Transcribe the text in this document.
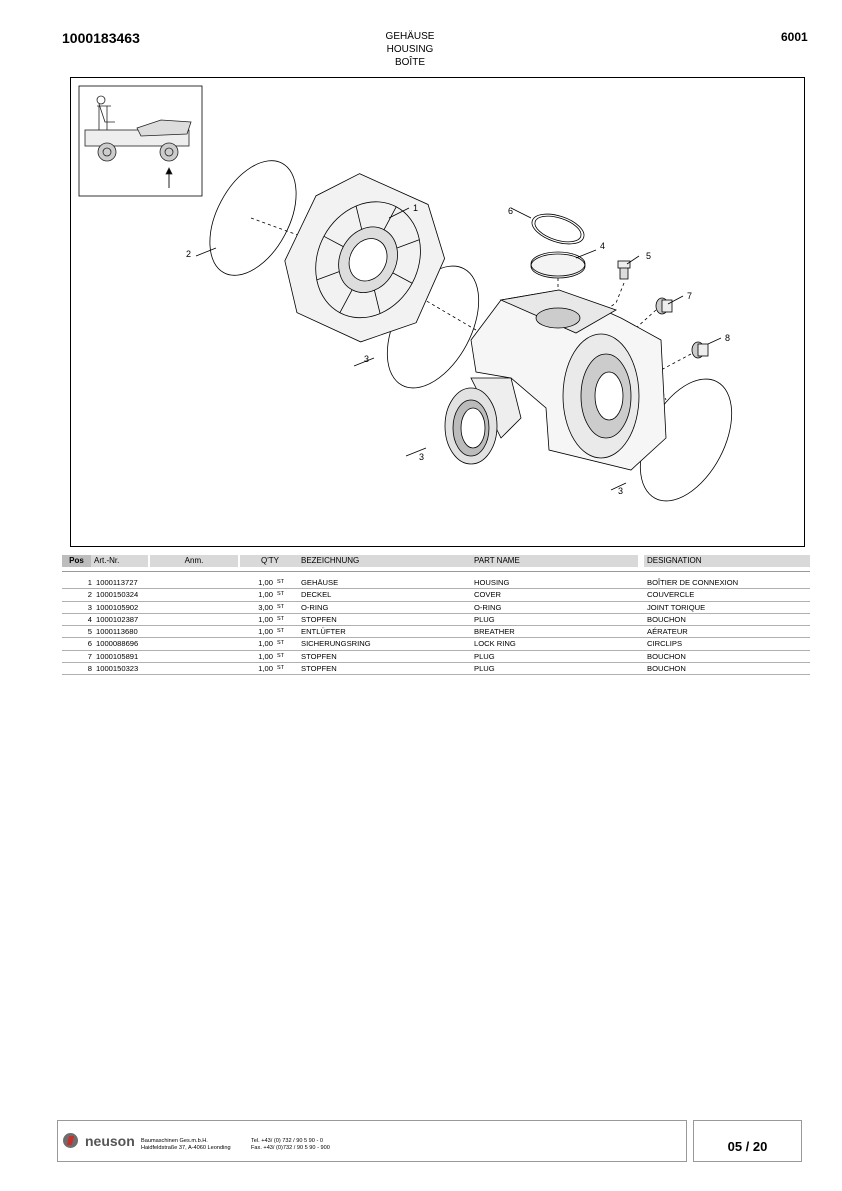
1000183463	GEHÄUSE
HOUSING
BOÎTE
6001
2
1
3
3
3
4
5
6
7
8
Pos	Art.-Nr.	Anm.	Q'TY	BEZEICHNUNG	PART NAME	DESIGNATION
1 1000113727	1,00 ST GEHÄUSE	HOUSING	BOÎTIER DE CONNEXION
2 1000150324	1,00 ST DECKEL	COVER	COUVERCLE
3 1000105902	3,00 ST O-RING	O-RING	JOINT TORIQUE
4 1000102387	1,00 ST STOPFEN	PLUG	BOUCHON
5 1000113680	1,00 ST ENTLÜFTER	BREATHER	AÉRATEUR
6 1000088696	1,00 ST SICHERUNGSRING	LOCK RING	CIRCLIPS
7 1000105891	1,00 ST STOPFEN	PLUG	BOUCHON
8 1000150323	1,00 ST STOPFEN	PLUG	BOUCHON
neuson Baumaschinen Ges.m.b.H.
Haidfeldstraße 37, A-4060 Leonding
Tel. +43/ (0) 732 / 90 5 90 - 0
Fax. +43/ (0)732 / 90 5 90 - 900	05 / 20
